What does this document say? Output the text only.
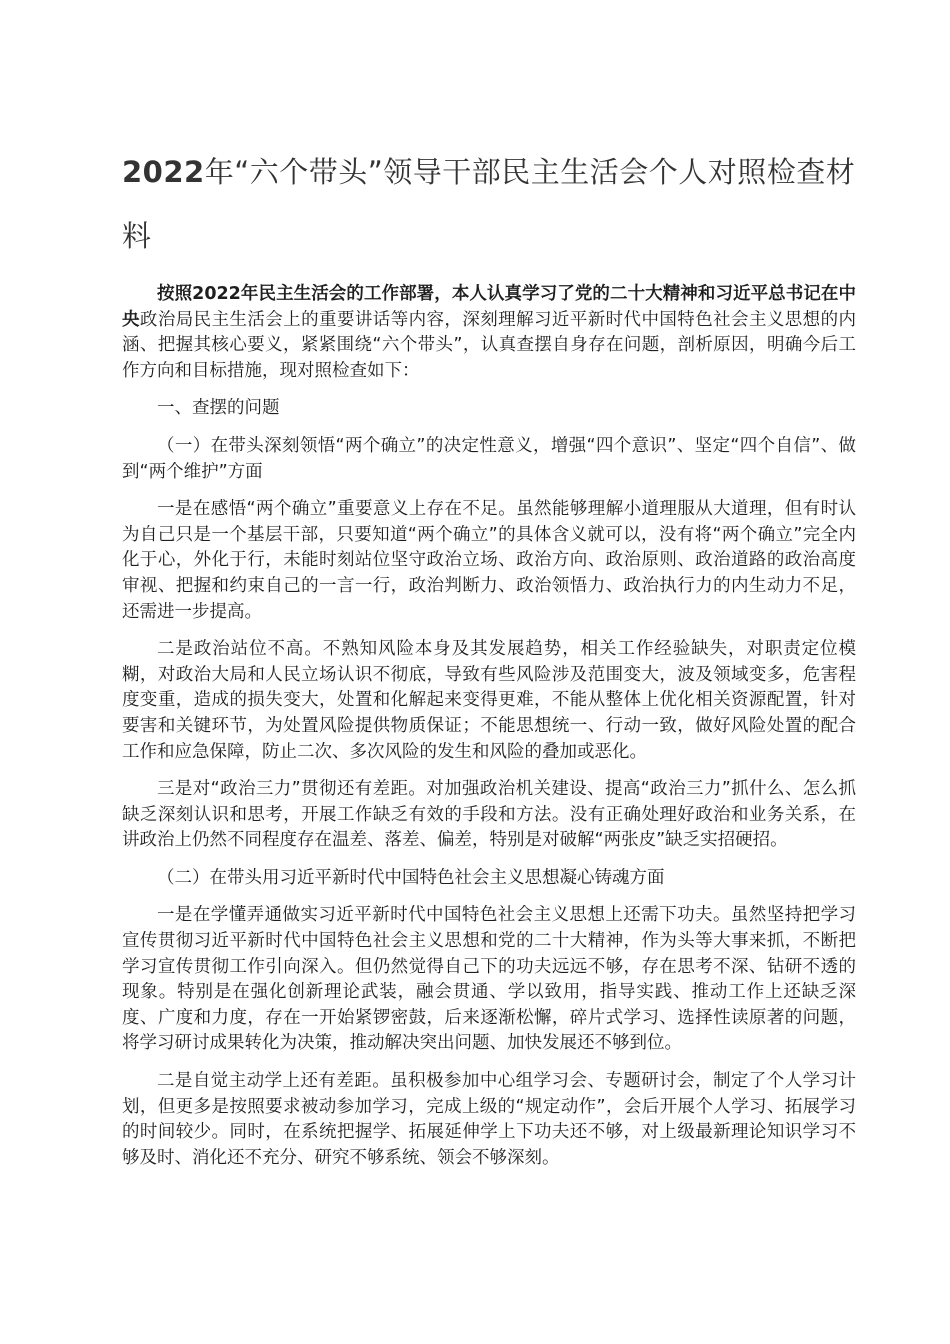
2022年“六个带头”领导干部民主生活会个人对照检查材料

按照2022年民主生活会的工作部署，本人认真学习了党的二十大精神和习近平总书记在中央政治局民主生活会上的重要讲话等内容，深刻理解习近平新时代中国特色社会主义思想的内涵、把握其核心要义，紧紧围绕“六个带头”，认真查摆自身存在问题，剖析原因，明确今后工作方向和目标措施，现对照检查如下：

一、查摆的问题

（一）在带头深刻领悟“两个确立”的决定性意义，增强“四个意识”、坚定“四个自信”、做到“两个维护”方面

一是在感悟“两个确立”重要意义上存在不足。虽然能够理解小道理服从大道理，但有时认为自己只是一个基层干部，只要知道“两个确立”的具体含义就可以，没有将“两个确立”完全内化于心，外化于行，未能时刻站位坚守政治立场、政治方向、政治原则、政治道路的政治高度审视、把握和约束自己的一言一行，政治判断力、政治领悟力、政治执行力的内生动力不足，还需进一步提高。

二是政治站位不高。不熟知风险本身及其发展趋势，相关工作经验缺失，对职责定位模糊，对政治大局和人民立场认识不彻底，导致有些风险涉及范围变大，波及领域变多，危害程度变重，造成的损失变大，处置和化解起来变得更难，不能从整体上优化相关资源配置，针对要害和关键环节，为处置风险提供物质保证；不能思想统一、行动一致，做好风险处置的配合工作和应急保障，防止二次、多次风险的发生和风险的叠加或恶化。

三是对“政治三力”贯彻还有差距。对加强政治机关建设、提高“政治三力”抓什么、怎么抓缺乏深刻认识和思考，开展工作缺乏有效的手段和方法。没有正确处理好政治和业务关系，在讲政治上仍然不同程度存在温差、落差、偏差，特别是对破解“两张皮”缺乏实招硬招。

（二）在带头用习近平新时代中国特色社会主义思想凝心铸魂方面

一是在学懂弄通做实习近平新时代中国特色社会主义思想上还需下功夫。虽然坚持把学习宣传贯彻习近平新时代中国特色社会主义思想和党的二十大精神，作为头等大事来抓，不断把学习宣传贯彻工作引向深入。但仍然觉得自己下的功夫远远不够，存在思考不深、钻研不透的现象。特别是在强化创新理论武装，融会贯通、学以致用，指导实践、推动工作上还缺乏深度、广度和力度，存在一开始紧锣密鼓，后来逐渐松懈，碎片式学习、选择性读原著的问题，将学习研讨成果转化为决策，推动解决突出问题、加快发展还不够到位。

二是自觉主动学上还有差距。虽积极参加中心组学习会、专题研讨会，制定了个人学习计划，但更多是按照要求被动参加学习，完成上级的“规定动作”，会后开展个人学习、拓展学习的时间较少。同时，在系统把握学、拓展延伸学上下功夫还不够，对上级最新理论知识学习不够及时、消化还不充分、研究不够系统、领会不够深刻。
